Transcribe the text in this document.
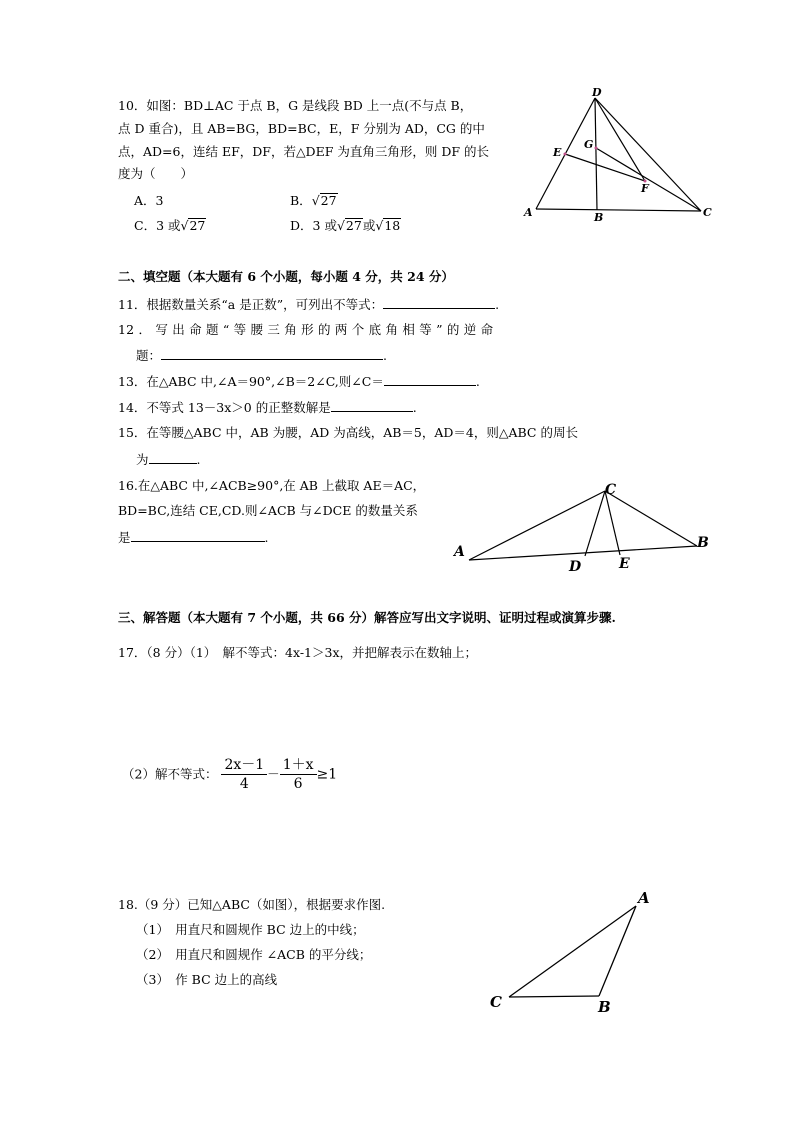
10．如图：BD⊥AC 于点 B，G 是线段 BD 上一点(不与点 B，
点 D 重合)，且 AB=BG，BD=BC，E，F 分别为 AD，CG 的中
点，AD=6，连结 EF，DF，若△DEF 为直角三角形，则 DF 的长
度为（　　）
A．3	B．√27
C．3 或√27	D．3 或√27或√18
D
G
E
F
A	B	C
二、填空题（本大题有 6 个小题，每小题 4 分，共 24 分）
11．根据数量关系“a 是正数”，可列出不等式：	.
12 ． 写 出 命 题 “ 等 腰 三 角 形 的 两 个 底 角 相 等 ” 的 逆 命
题：	.
13．在△ABC 中,∠A＝90°,∠B＝2∠C,则∠C＝	.
14．不等式 13－3x＞0 的正整数解是	.
15．在等腰△ABC 中，AB 为腰，AD 为高线，AB＝5，AD＝4，则△ABC 的周长
为	.
16.在△ABC 中,∠ACB≥90°,在 AB 上截取 AE＝AC，
BD=BC,连结 CE,CD.则∠ACB 与∠DCE 的数量关系
是	.
A
B
C
D	E
三、解答题（本大题有 7 个小题，共 66 分）解答应写出文字说明、证明过程或演算步骤.
17．（8 分）（1）　解不等式：4x-1＞3x，并把解表示在数轴上；
（2）解不等式： $\frac{2x-1}{4} - \frac{1+x}{6} \ge 1$
18.（9 分）已知△ABC（如图），根据要求作图.
（1）　用直尺和圆规作 BC 边上的中线；
（2）　用直尺和圆规作 ∠ACB 的平分线；
（3）　作 BC 边上的高线
A
C	B
